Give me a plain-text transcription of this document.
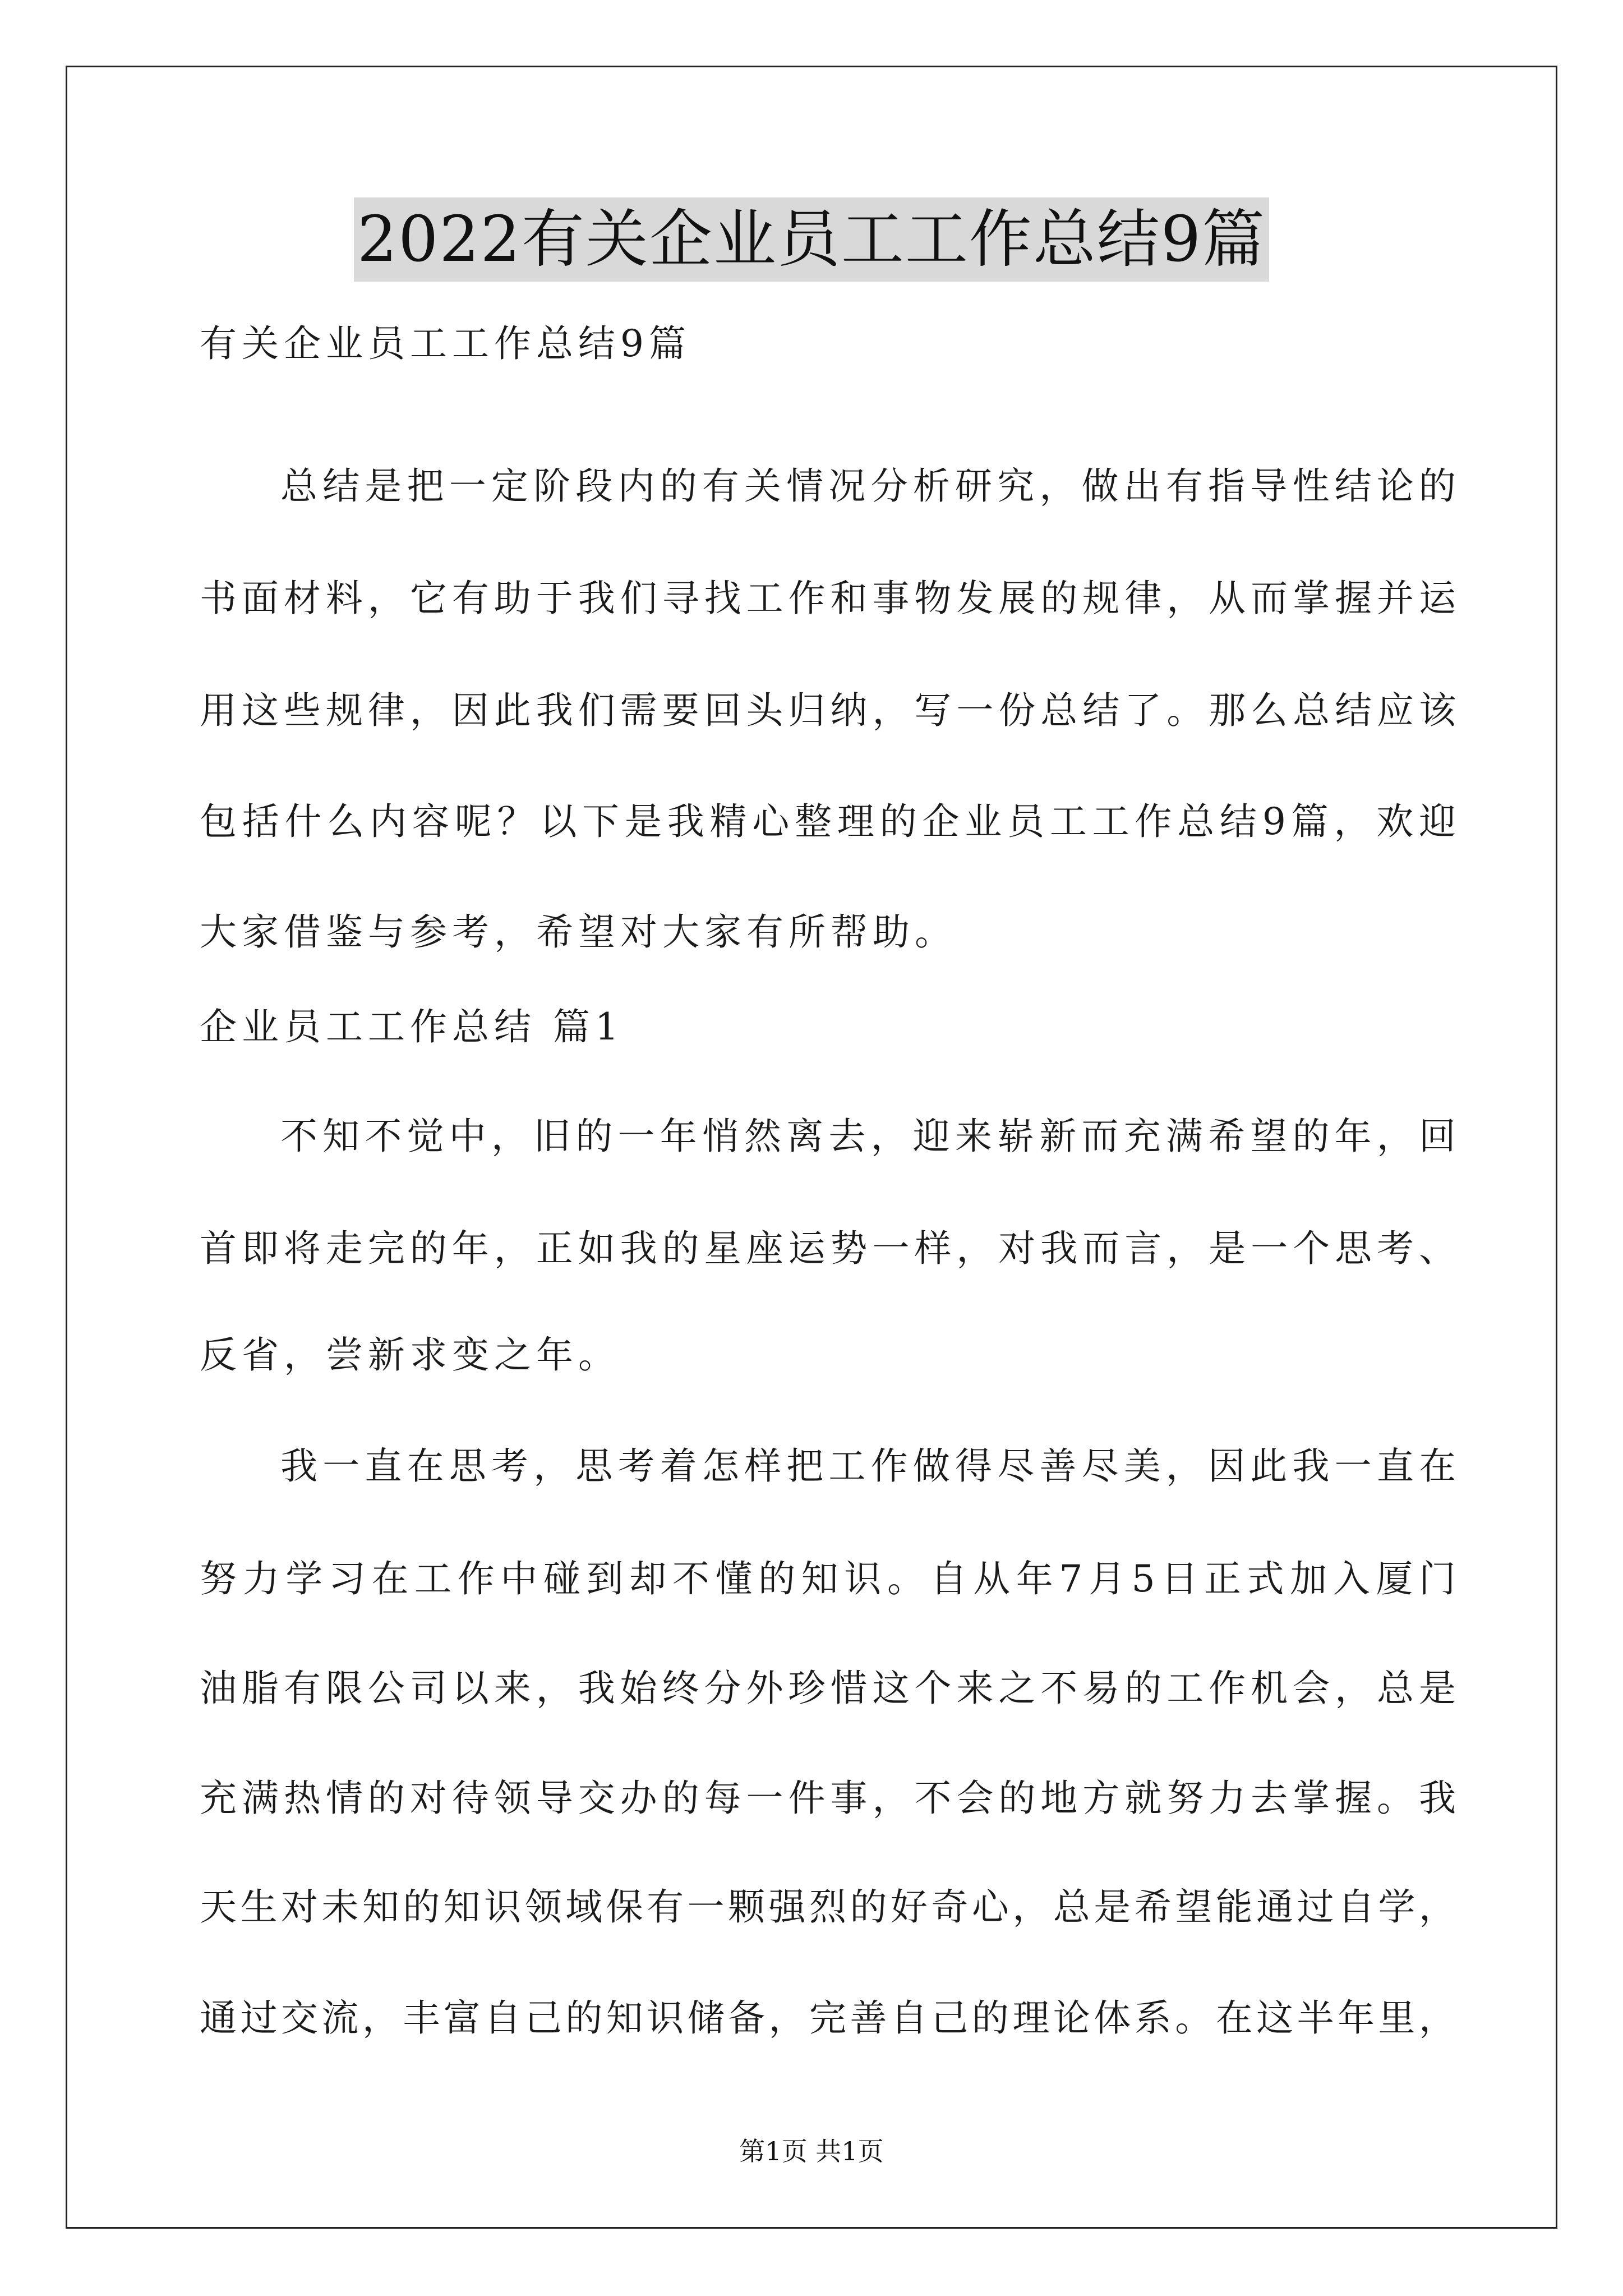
2022有关企业员工工作总结9篇
有关企业员工工作总结9篇
总结是把一定阶段内的有关情况分析研究，做出有指导性结论的
书面材料，它有助于我们寻找工作和事物发展的规律，从而掌握并运
用这些规律，因此我们需要回头归纳，写一份总结了。那么总结应该
包括什么内容呢？以下是我精心整理的企业员工工作总结9篇，欢迎
大家借鉴与参考，希望对大家有所帮助。
企业员工工作总结 篇1
不知不觉中，旧的一年悄然离去，迎来崭新而充满希望的年，回
首即将走完的年，正如我的星座运势一样，对我而言，是一个思考、
反省，尝新求变之年。
我一直在思考，思考着怎样把工作做得尽善尽美，因此我一直在
努力学习在工作中碰到却不懂的知识。自从年7月5日正式加入厦门
油脂有限公司以来，我始终分外珍惜这个来之不易的工作机会，总是
充满热情的对待领导交办的每一件事，不会的地方就努力去掌握。我
天生对未知的知识领域保有一颗强烈的好奇心，总是希望能通过自学，
通过交流，丰富自己的知识储备，完善自己的理论体系。在这半年里，
第1页 共1页
